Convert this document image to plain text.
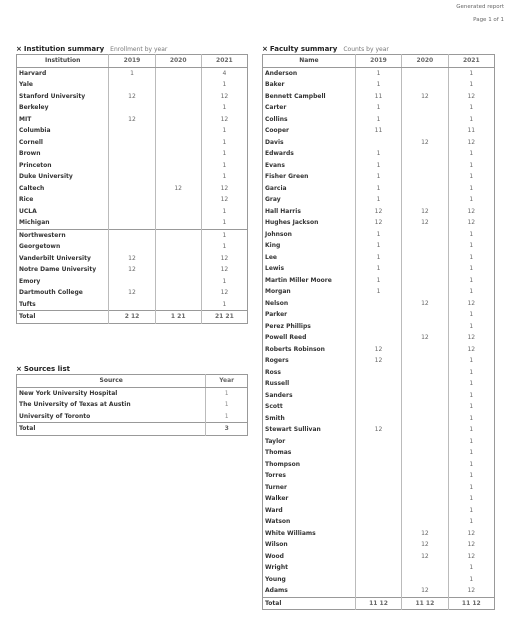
Generated report
Page 1 of 1
× Institution summary Enrollment by year
Institution	2019	2020	2021
Harvard	1		4
Yale			1
Stanford University	12		12
Berkeley			1
MIT	12		12
Columbia			1
Cornell			1
Brown			1
Princeton			1
Duke University			1
Caltech		12	12
Rice			12
UCLA			1
Michigan			1
Northwestern			1
Georgetown			1
Vanderbilt University	12		12
Notre Dame University	12		12
Emory			1
Dartmouth College	12		12
Tufts			1
Total	2 12	1 21	21 21
× Sources list
Source	Year
New York University Hospital	1
The University of Texas at Austin	1
University of Toronto	1
Total	3
× Faculty summary Counts by year
Name	2019	2020	2021
Anderson	1		1
Baker	1		1
Bennett Campbell	11	12	12
Carter	1		1
Collins	1		1
Cooper	11		11
Davis		12	12
Edwards	1		1
Evans	1		1
Fisher Green	1		1
Garcia	1		1
Gray	1		1
Hall Harris	12	12	12
Hughes Jackson	12	12	12
Johnson	1		1
King	1		1
Lee	1		1
Lewis	1		1
Martin Miller Moore	1		1
Morgan	1		1
Nelson		12	12
Parker			1
Perez Phillips			1
Powell Reed		12	12
Roberts Robinson	12		12
Rogers	12		1
Ross			1
Russell			1
Sanders			1
Scott			1
Smith			1
Stewart Sullivan	12		1
Taylor			1
Thomas			1
Thompson			1
Torres			1
Turner			1
Walker			1
Ward			1
Watson			1
White Williams		12	12
Wilson		12	12
Wood		12	12
Wright			1
Young			1
Adams		12	12
Total	11 12	11 12	11 12
